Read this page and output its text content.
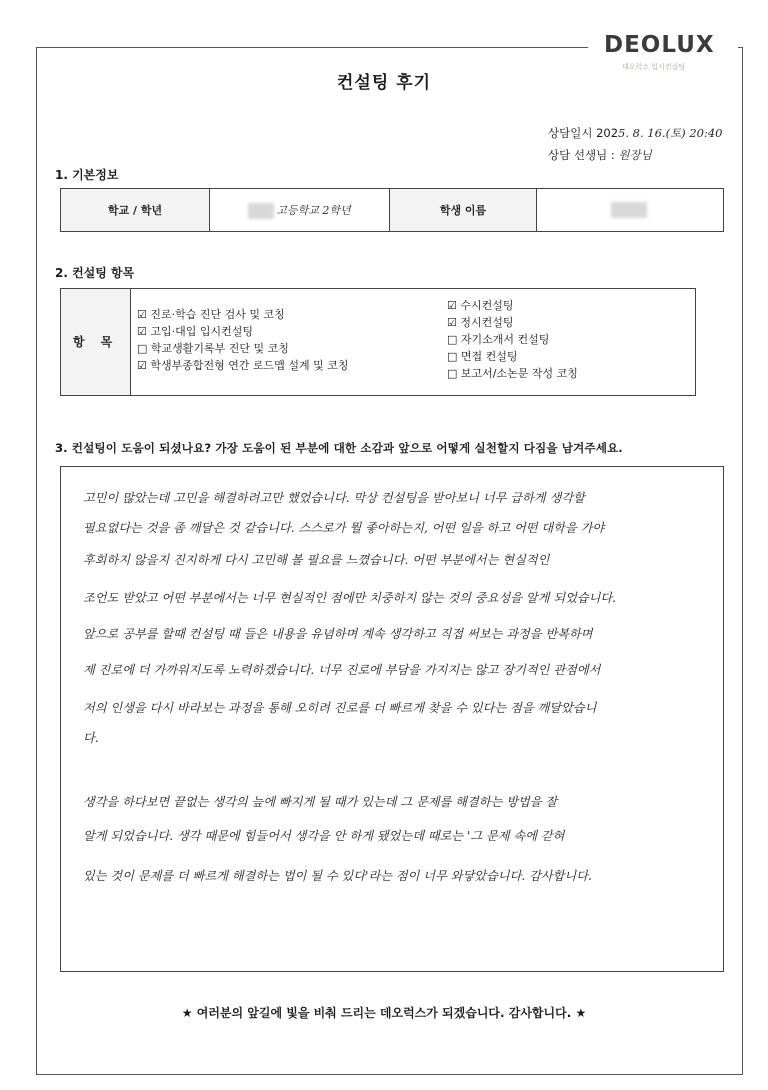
DEOLUX
데오럭스 입시컨설팅
컨설팅 후기
상담일시 2025. 8. 16.(토) 20:40
상담 선생님 : 원장님
1. 기본정보
학교 / 학년	고등학교 2학년	학생 이름	
2. 컨설팅 항목
항 목
☑ 진로·학습 진단 검사 및 코칭
☑ 고입·대입 입시컨설팅
□ 학교생활기록부 진단 및 코칭
☑ 학생부종합전형 연간 로드맵 설계 및 코칭
☑ 수시컨설팅
☑ 정시컨설팅
□ 자기소개서 컨설팅
□ 면접 컨설팅
□ 보고서/소논문 작성 코칭
3. 컨설팅이 도움이 되셨나요? 가장 도움이 된 부분에 대한 소감과 앞으로 어떻게 실천할지 다짐을 남겨주세요.
고민이 많았는데 고민을 해결하려고만 했었습니다. 막상 컨설팅을 받아보니 너무 급하게 생각할
필요없다는 것을 좀 깨달은 것 같습니다. 스스로가 뭘 좋아하는지, 어떤 일을 하고 어떤 대학을 가야
후회하지 않을지 진지하게 다시 고민해 볼 필요를 느꼈습니다. 어떤 부분에서는 현실적인
조언도 받았고 어떤 부분에서는 너무 현실적인 점에만 치중하지 않는 것의 중요성을 알게 되었습니다.
앞으로 공부를 할때 컨설팅 때 들은 내용을 유념하며 계속 생각하고 직접 써보는 과정을 반복하며
제 진로에 더 가까워지도록 노력하겠습니다. 너무 진로에 부담을 가지지는 않고 장기적인 관점에서
저의 인생을 다시 바라보는 과정을 통해 오히려 진로를 더 빠르게 찾을 수 있다는 점을 깨달았습니
다.
생각을 하다보면 끝없는 생각의 늪에 빠지게 될 때가 있는데 그 문제를 해결하는 방법을 잘
알게 되었습니다. 생각 때문에 힘들어서 생각을 안 하게 됐었는데 때로는 '그 문제 속에 갇혀
있는 것이 문제를 더 빠르게 해결하는 법이 될 수 있다'라는 점이 너무 와닿았습니다. 감사합니다.
★ 여러분의 앞길에 빛을 비춰 드리는 데오럭스가 되겠습니다. 감사합니다. ★
